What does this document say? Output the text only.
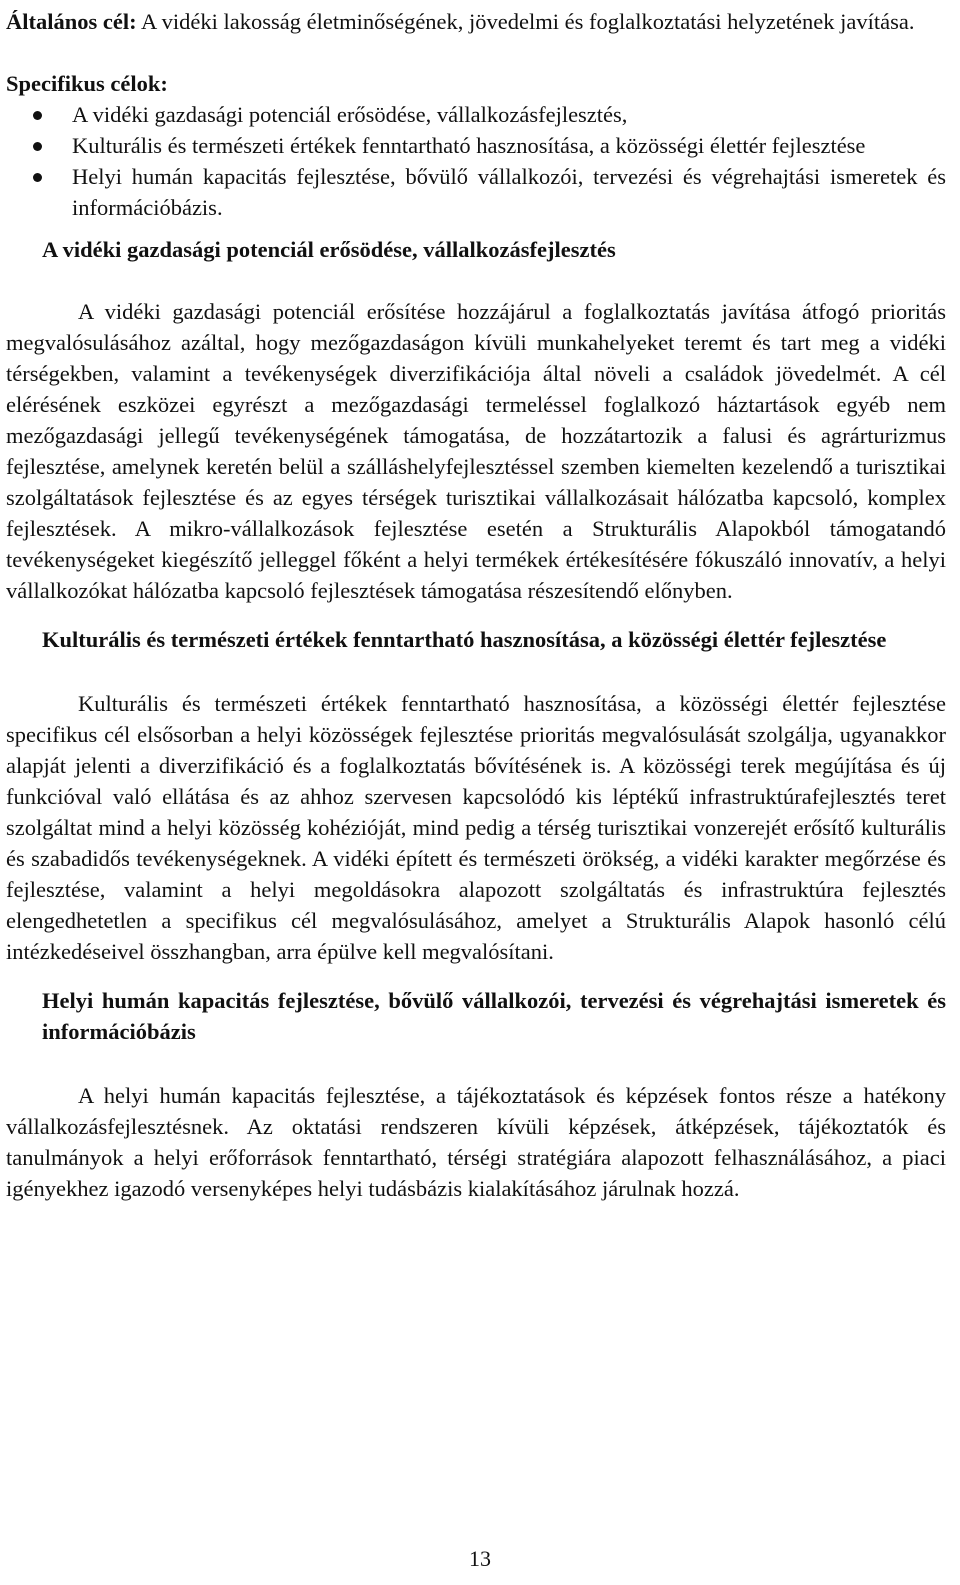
Általános cél: A vidéki lakosság életminőségének, jövedelmi és foglalkoztatási helyzetének javítása.

Specifikus célok:

A vidéki gazdasági potenciál erősödése, vállalkozásfejlesztés,
Kulturális és természeti értékek fenntartható hasznosítása, a közösségi élettér fejlesztése
Helyi humán kapacitás fejlesztése, bővülő vállalkozói, tervezési és végrehajtási ismeretek és információbázis.
A vidéki gazdasági potenciál erősödése, vállalkozásfejlesztés

A vidéki gazdasági potenciál erősítése hozzájárul a foglalkoztatás javítása átfogó prioritás megvalósulásához azáltal, hogy mezőgazdaságon kívüli munkahelyeket teremt és tart meg a vidéki térségekben, valamint a tevékenységek diverzifikációja által növeli a családok jövedelmét. A cél elérésének eszközei egyrészt a mezőgazdasági termeléssel foglalkozó háztartások egyéb nem mezőgazdasági jellegű tevékenységének támogatása, de hozzátartozik a falusi és agrárturizmus fejlesztése, amelynek keretén belül a szálláshelyfejlesztéssel szemben kiemelten kezelendő a turisztikai szolgáltatások fejlesztése és az egyes térségek turisztikai vállalkozásait hálózatba kapcsoló, komplex fejlesztések. A mikro-vállalkozások fejlesztése esetén a Strukturális Alapokból támogatandó tevékenységeket kiegészítő jelleggel főként a helyi termékek értékesítésére fókuszáló innovatív, a helyi vállalkozókat hálózatba kapcsoló fejlesztések támogatása részesítendő előnyben.

Kulturális és természeti értékek fenntartható hasznosítása, a közösségi élettér fejlesztése

Kulturális és természeti értékek fenntartható hasznosítása, a közösségi élettér fejlesztése specifikus cél elsősorban a helyi közösségek fejlesztése prioritás megvalósulását szolgálja, ugyanakkor alapját jelenti a diverzifikáció és a foglalkoztatás bővítésének is. A közösségi terek megújítása és új funkcióval való ellátása és az ahhoz szervesen kapcsolódó kis léptékű infrastruktúrafejlesztés teret szolgáltat mind a helyi közösség kohézióját, mind pedig a térség turisztikai vonzerejét erősítő kulturális és szabadidős tevékenységeknek. A vidéki épített és természeti örökség, a vidéki karakter megőrzése és fejlesztése, valamint a helyi megoldásokra alapozott szolgáltatás és infrastruktúra fejlesztés elengedhetetlen a specifikus cél megvalósulásához, amelyet a Strukturális Alapok hasonló célú intézkedéseivel összhangban, arra épülve kell megvalósítani.

Helyi humán kapacitás fejlesztése, bővülő vállalkozói, tervezési és végrehajtási ismeretek és információbázis

A helyi humán kapacitás fejlesztése, a tájékoztatások és képzések fontos része a hatékony vállalkozásfejlesztésnek. Az oktatási rendszeren kívüli képzések, átképzések, tájékoztatók és tanulmányok a helyi erőforrások fenntartható, térségi stratégiára alapozott felhasználásához, a piaci igényekhez igazodó versenyképes helyi tudásbázis kialakításához járulnak hozzá.

13
